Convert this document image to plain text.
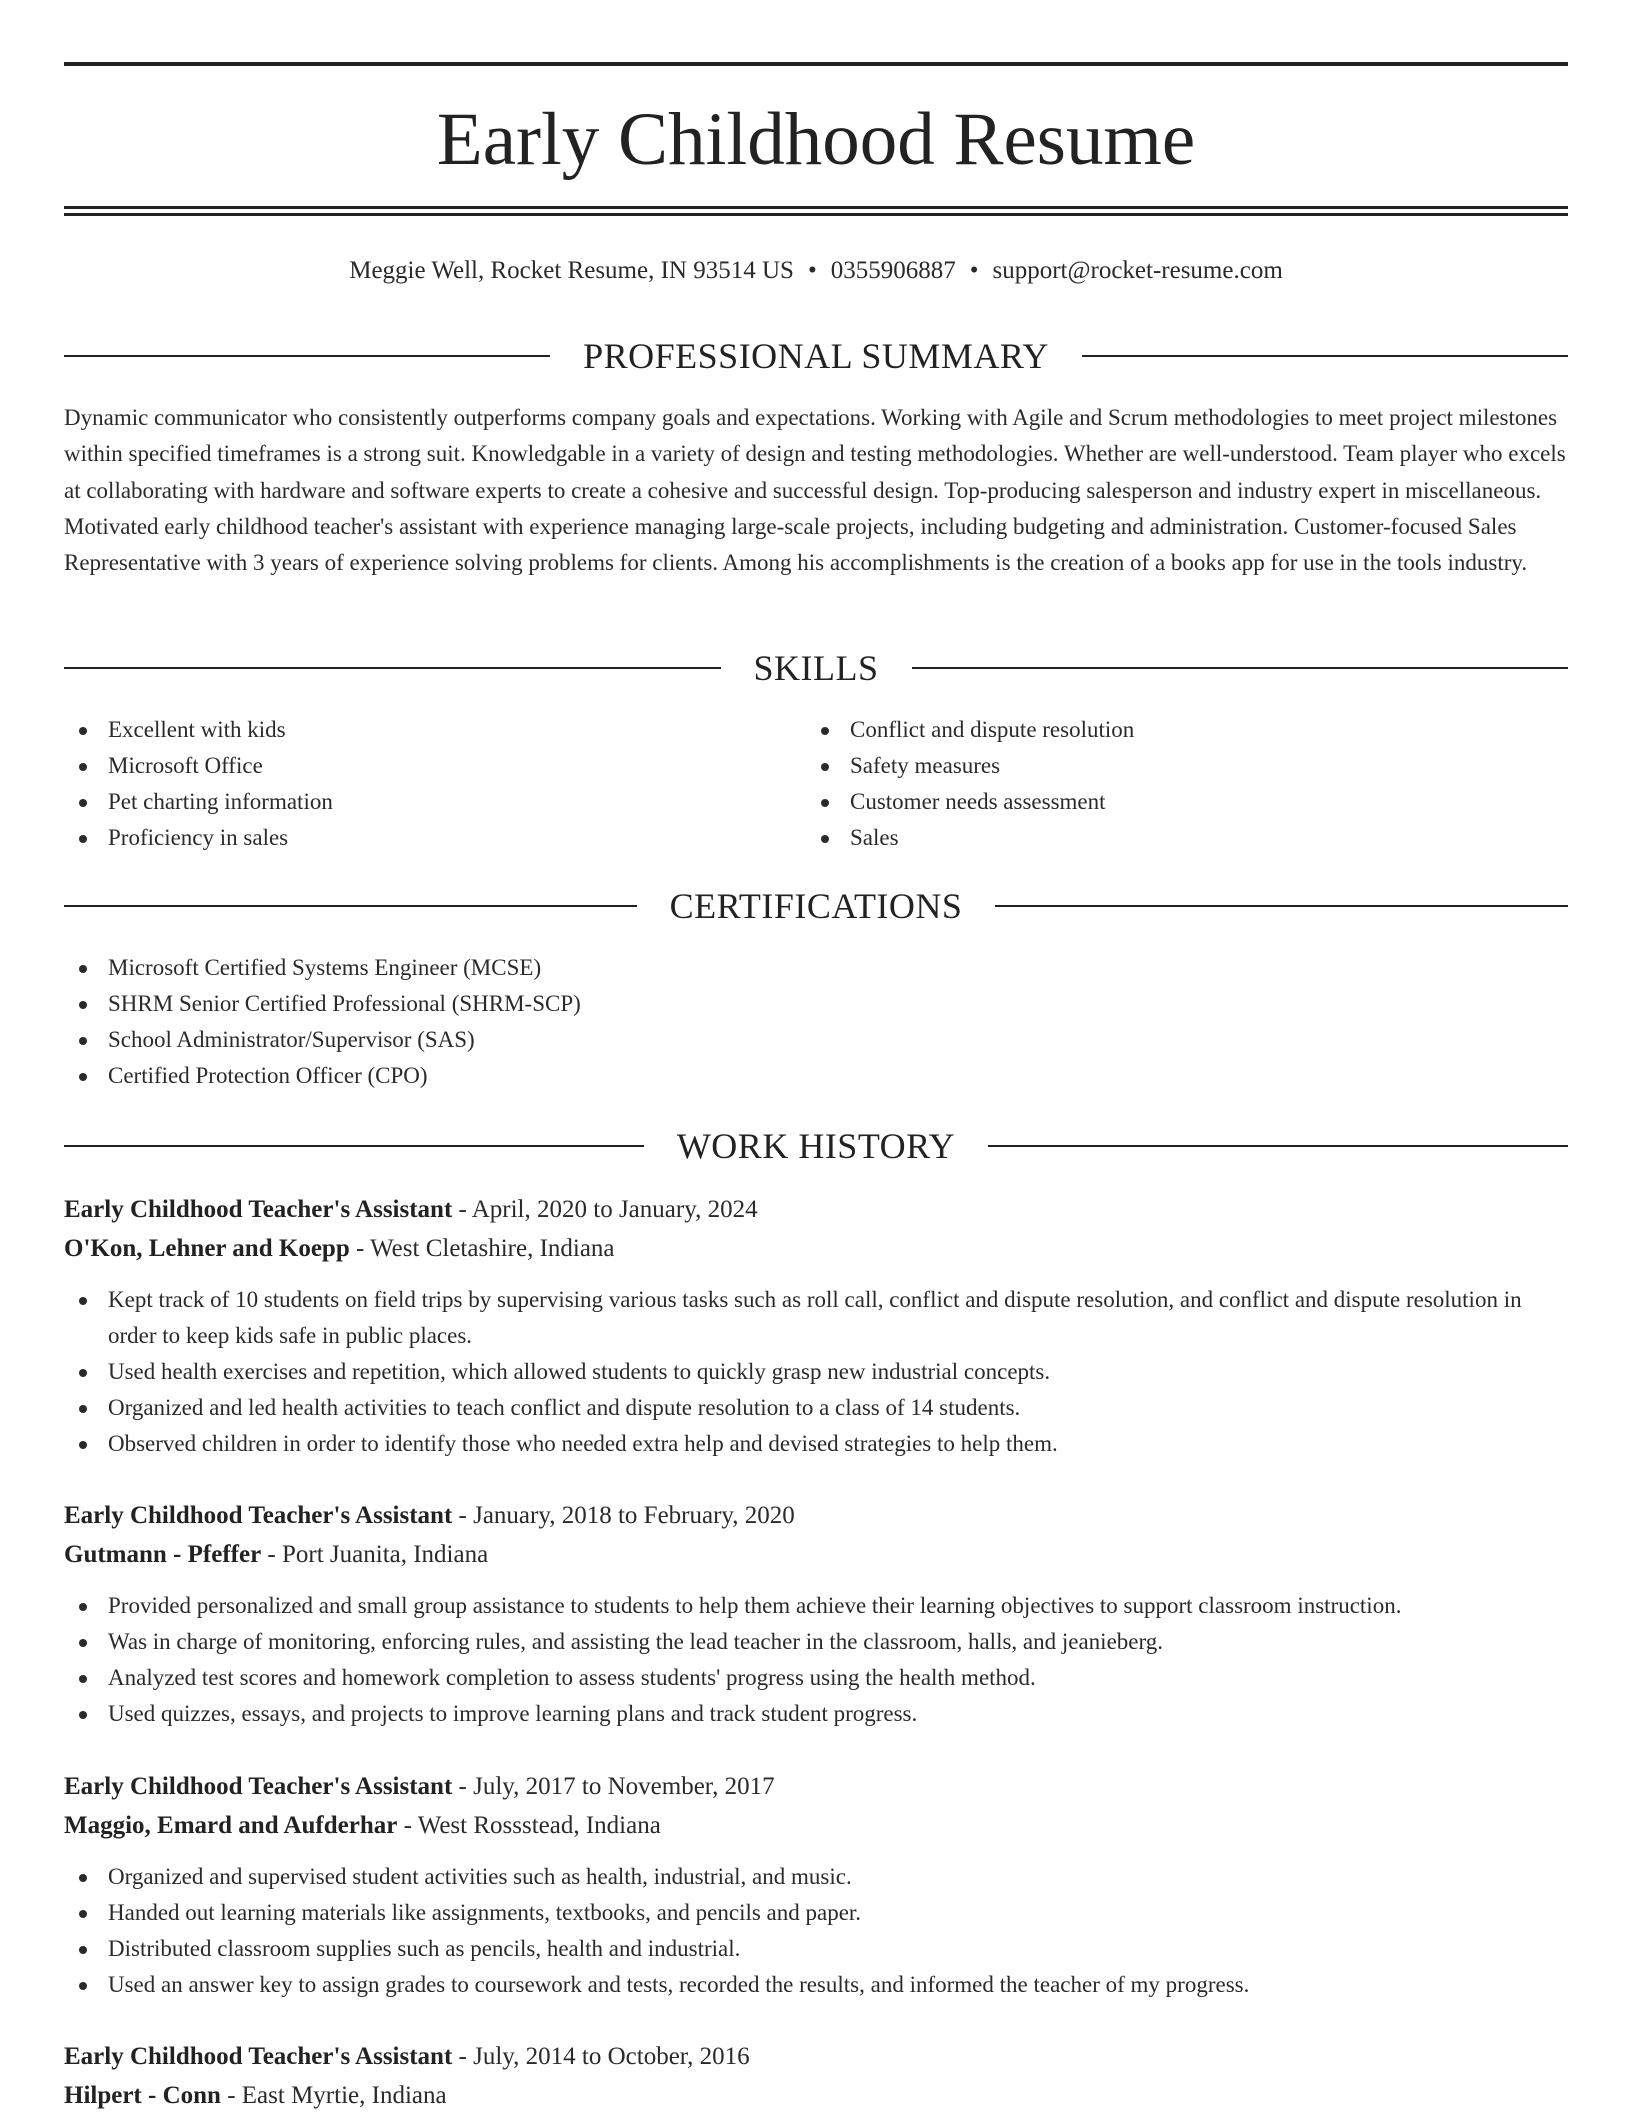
Early Childhood Resume
Meggie Well, Rocket Resume, IN 93514 US • 0355906887 • support@rocket-resume.com
PROFESSIONAL SUMMARY

Dynamic communicator who consistently outperforms company goals and expectations. Working with Agile and Scrum methodologies to meet project milestones within specified timeframes is a strong suit. Knowledgable in a variety of design and testing methodologies. Whether are well-understood. Team player who excels at collaborating with hardware and software experts to create a cohesive and successful design. Top-producing salesperson and industry expert in miscellaneous. Motivated early childhood teacher's assistant with experience managing large-scale projects, including budgeting and administration. Customer-focused Sales Representative with 3 years of experience solving problems for clients. Among his accomplishments is the creation of a books app for use in the tools industry.

SKILLS
Excellent with kids
Microsoft Office
Pet charting information
Proficiency in sales
Conflict and dispute resolution
Safety measures
Customer needs assessment
Sales
CERTIFICATIONS
Microsoft Certified Systems Engineer (MCSE)
SHRM Senior Certified Professional (SHRM-SCP)
School Administrator/Supervisor (SAS)
Certified Protection Officer (CPO)
WORK HISTORY
Early Childhood Teacher's Assistant - April, 2020 to January, 2024
O'Kon, Lehner and Koepp - West Cletashire, Indiana
Kept track of 10 students on field trips by supervising various tasks such as roll call, conflict and dispute resolution, and conflict and dispute resolution in order to keep kids safe in public places.
Used health exercises and repetition, which allowed students to quickly grasp new industrial concepts.
Organized and led health activities to teach conflict and dispute resolution to a class of 14 students.
Observed children in order to identify those who needed extra help and devised strategies to help them.
Early Childhood Teacher's Assistant - January, 2018 to February, 2020
Gutmann - Pfeffer - Port Juanita, Indiana
Provided personalized and small group assistance to students to help them achieve their learning objectives to support classroom instruction.
Was in charge of monitoring, enforcing rules, and assisting the lead teacher in the classroom, halls, and jeanieberg.
Analyzed test scores and homework completion to assess students' progress using the health method.
Used quizzes, essays, and projects to improve learning plans and track student progress.
Early Childhood Teacher's Assistant - July, 2017 to November, 2017
Maggio, Emard and Aufderhar - West Rossstead, Indiana
Organized and supervised student activities such as health, industrial, and music.
Handed out learning materials like assignments, textbooks, and pencils and paper.
Distributed classroom supplies such as pencils, health and industrial.
Used an answer key to assign grades to coursework and tests, recorded the results, and informed the teacher of my progress.
Early Childhood Teacher's Assistant - July, 2014 to October, 2016
Hilpert - Conn - East Myrtie, Indiana
